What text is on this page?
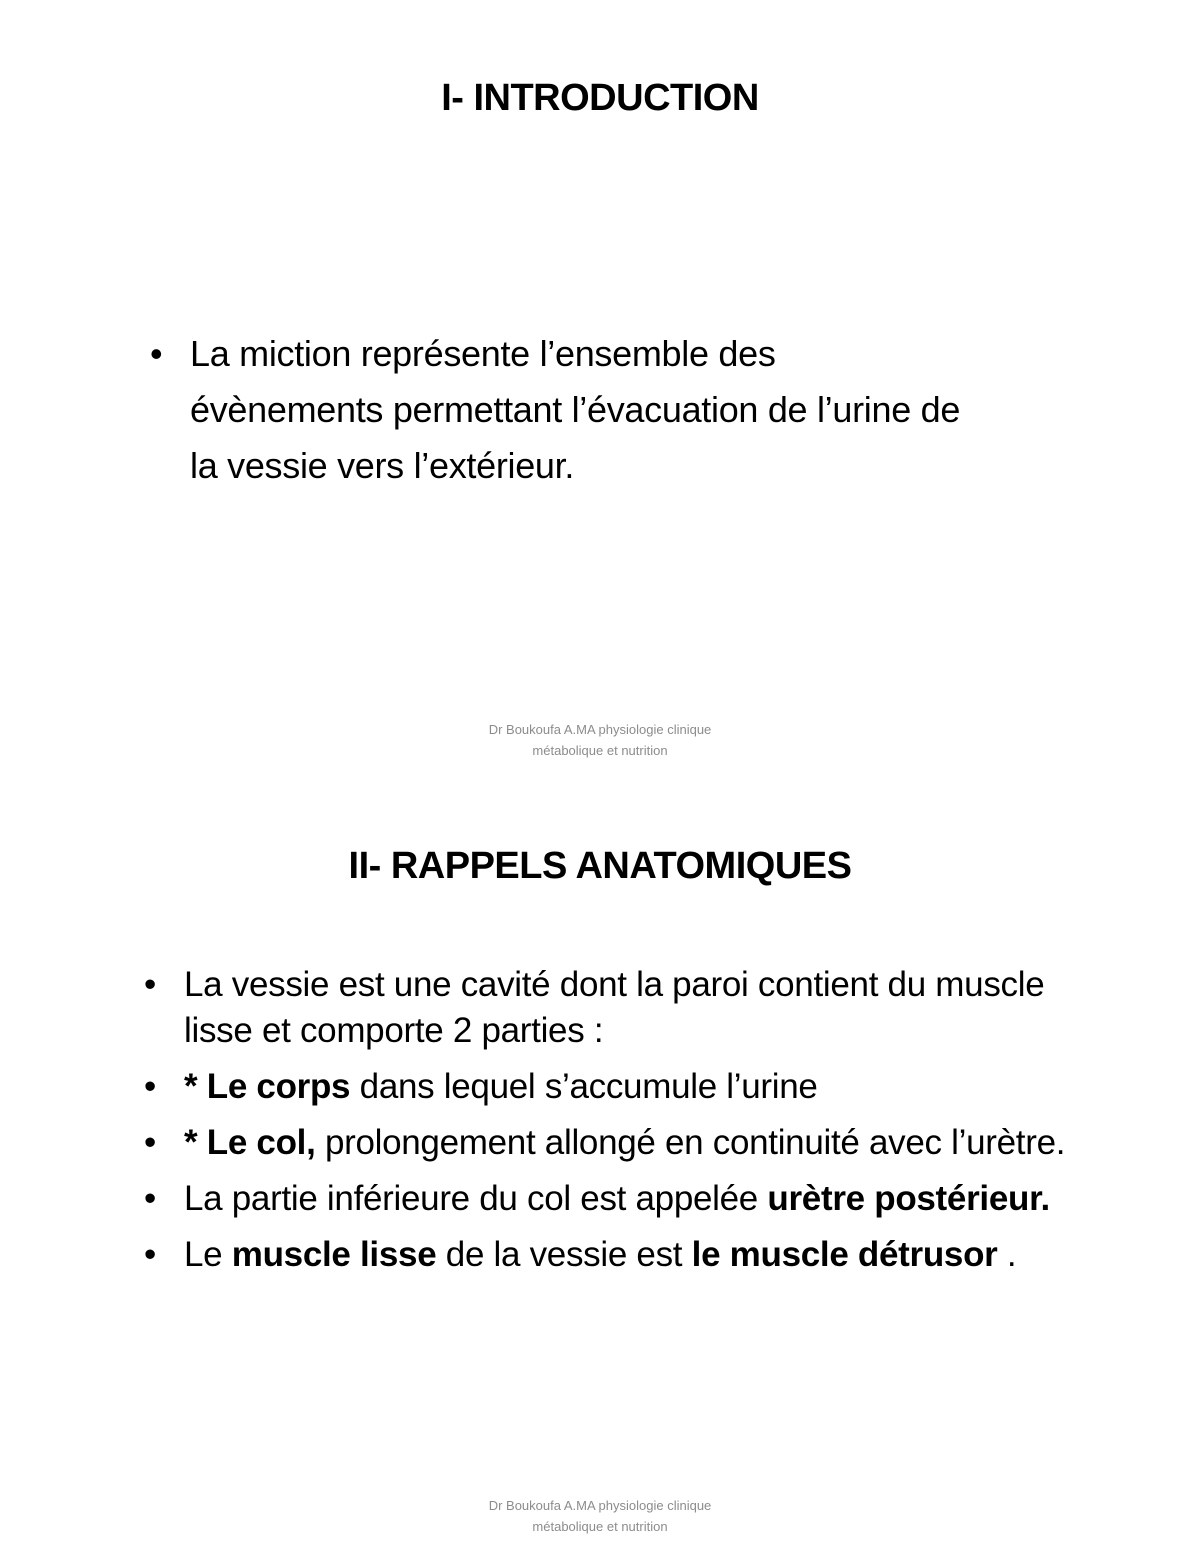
I- INTRODUCTION
• La miction représente l’ensemble des évènements permettant l’évacuation de l’urine de la vessie vers l’extérieur.
Dr Boukoufa A.MA physiologie clinique
métabolique et nutrition
II- RAPPELS ANATOMIQUES
• La vessie est une cavité dont la paroi contient du muscle lisse et comporte 2 parties :
• * Le corps dans lequel s’accumule l’urine
• * Le col, prolongement allongé en continuité avec l’urètre.
• La partie inférieure du col est appelée urètre postérieur.
• Le muscle lisse de la vessie est le muscle détrusor .
Dr Boukoufa A.MA physiologie clinique
métabolique et nutrition
